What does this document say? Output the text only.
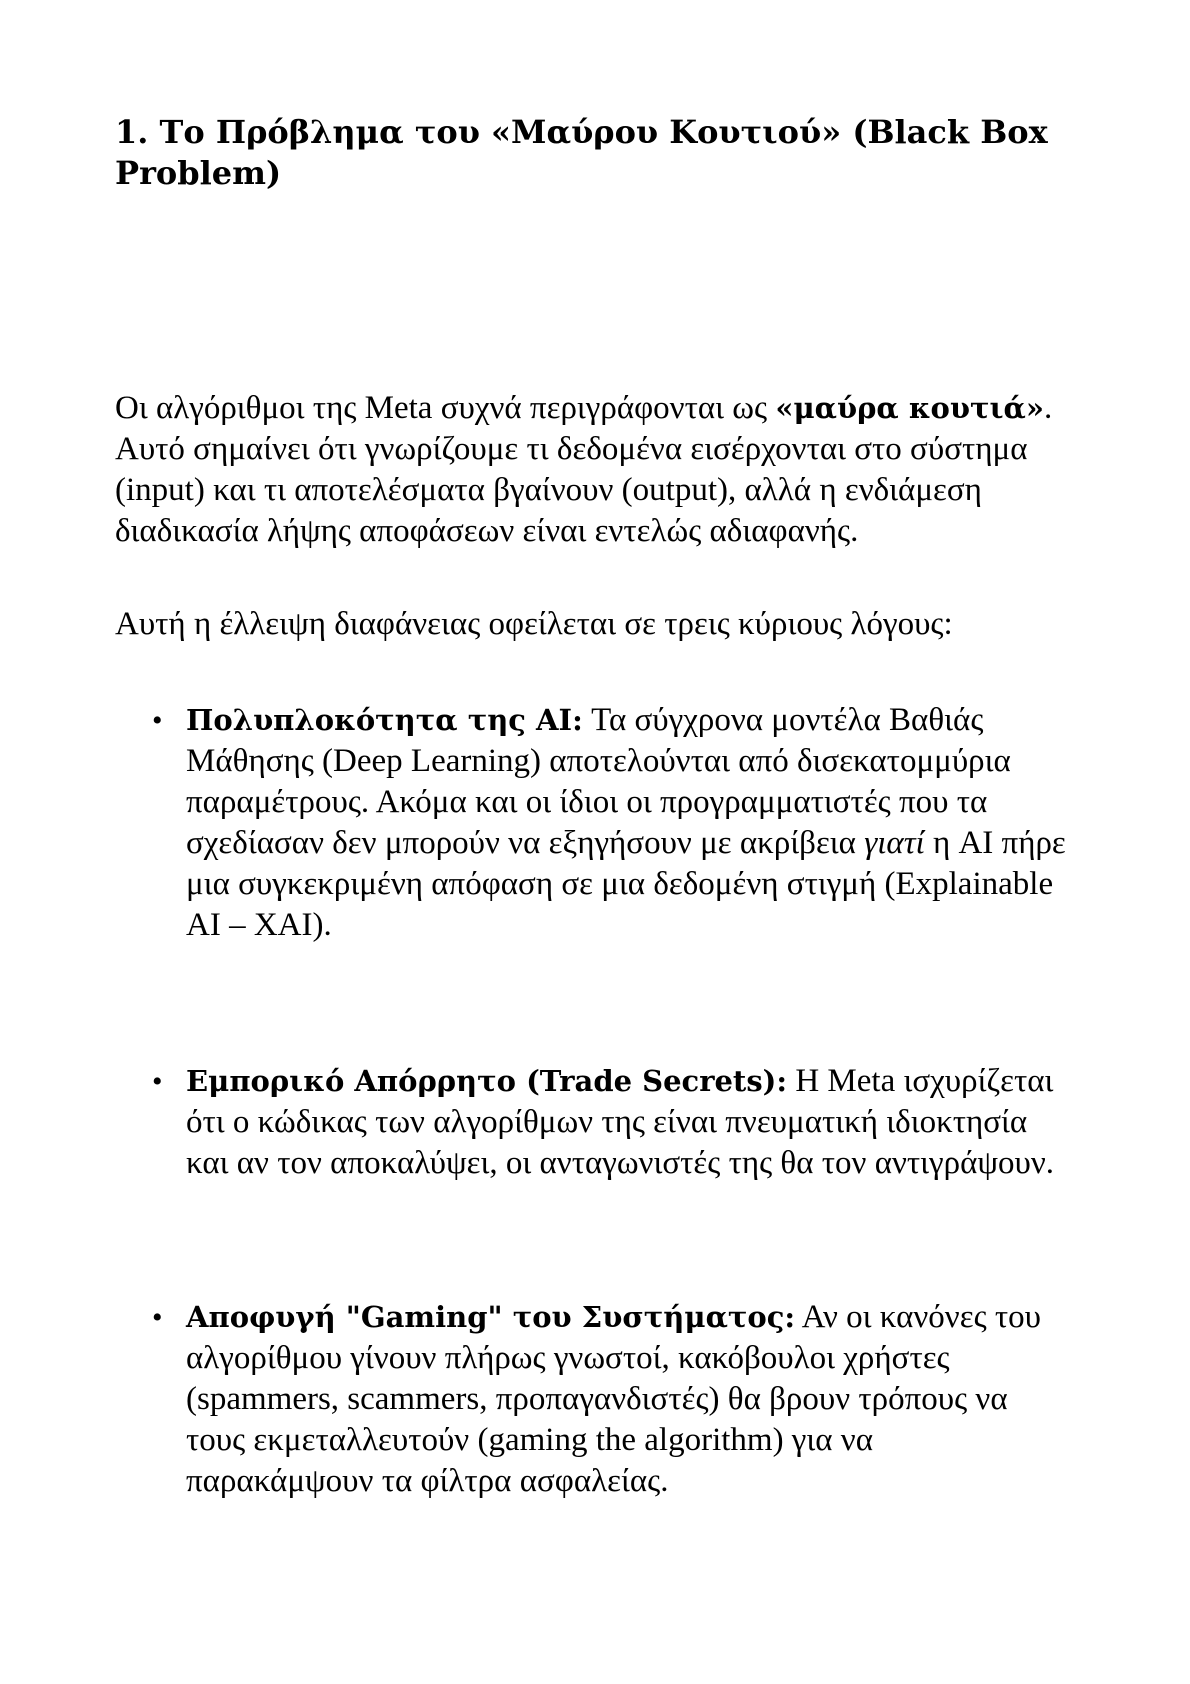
1. Το Πρόβλημα του «Μαύρου Κουτιού» (Black Box Problem)

Οι αλγόριθμοι της Meta συχνά περιγράφονται ως «μαύρα κουτιά». Αυτό σημαίνει ότι γνωρίζουμε τι δεδομένα εισέρχονται στο σύστημα (input) και τι αποτελέσματα βγαίνουν (output), αλλά η ενδιάμεση διαδικασία λήψης αποφάσεων είναι εντελώς αδιαφανής.

Αυτή η έλλειψη διαφάνειας οφείλεται σε τρεις κύριους λόγους:

• Πολυπλοκότητα της AI: Τα σύγχρονα μοντέλα Βαθιάς Μάθησης (Deep Learning) αποτελούνται από δισεκατομμύρια παραμέτρους. Ακόμα και οι ίδιοι οι προγραμματιστές που τα σχεδίασαν δεν μπορούν να εξηγήσουν με ακρίβεια γιατί η AI πήρε μια συγκεκριμένη απόφαση σε μια δεδομένη στιγμή (Explainable AI – XAI).
• Εμπορικό Απόρρητο (Trade Secrets): Η Meta ισχυρίζεται ότι ο κώδικας των αλγορίθμων της είναι πνευματική ιδιοκτησία και αν τον αποκαλύψει, οι ανταγωνιστές της θα τον αντιγράψουν.
• Αποφυγή "Gaming" του Συστήματος: Αν οι κανόνες του αλγορίθμου γίνουν πλήρως γνωστοί, κακόβουλοι χρήστες (spammers, scammers, προπαγανδιστές) θα βρουν τρόπους να τους εκμεταλλευτούν (gaming the algorithm) για να παρακάμψουν τα φίλτρα ασφαλείας.
